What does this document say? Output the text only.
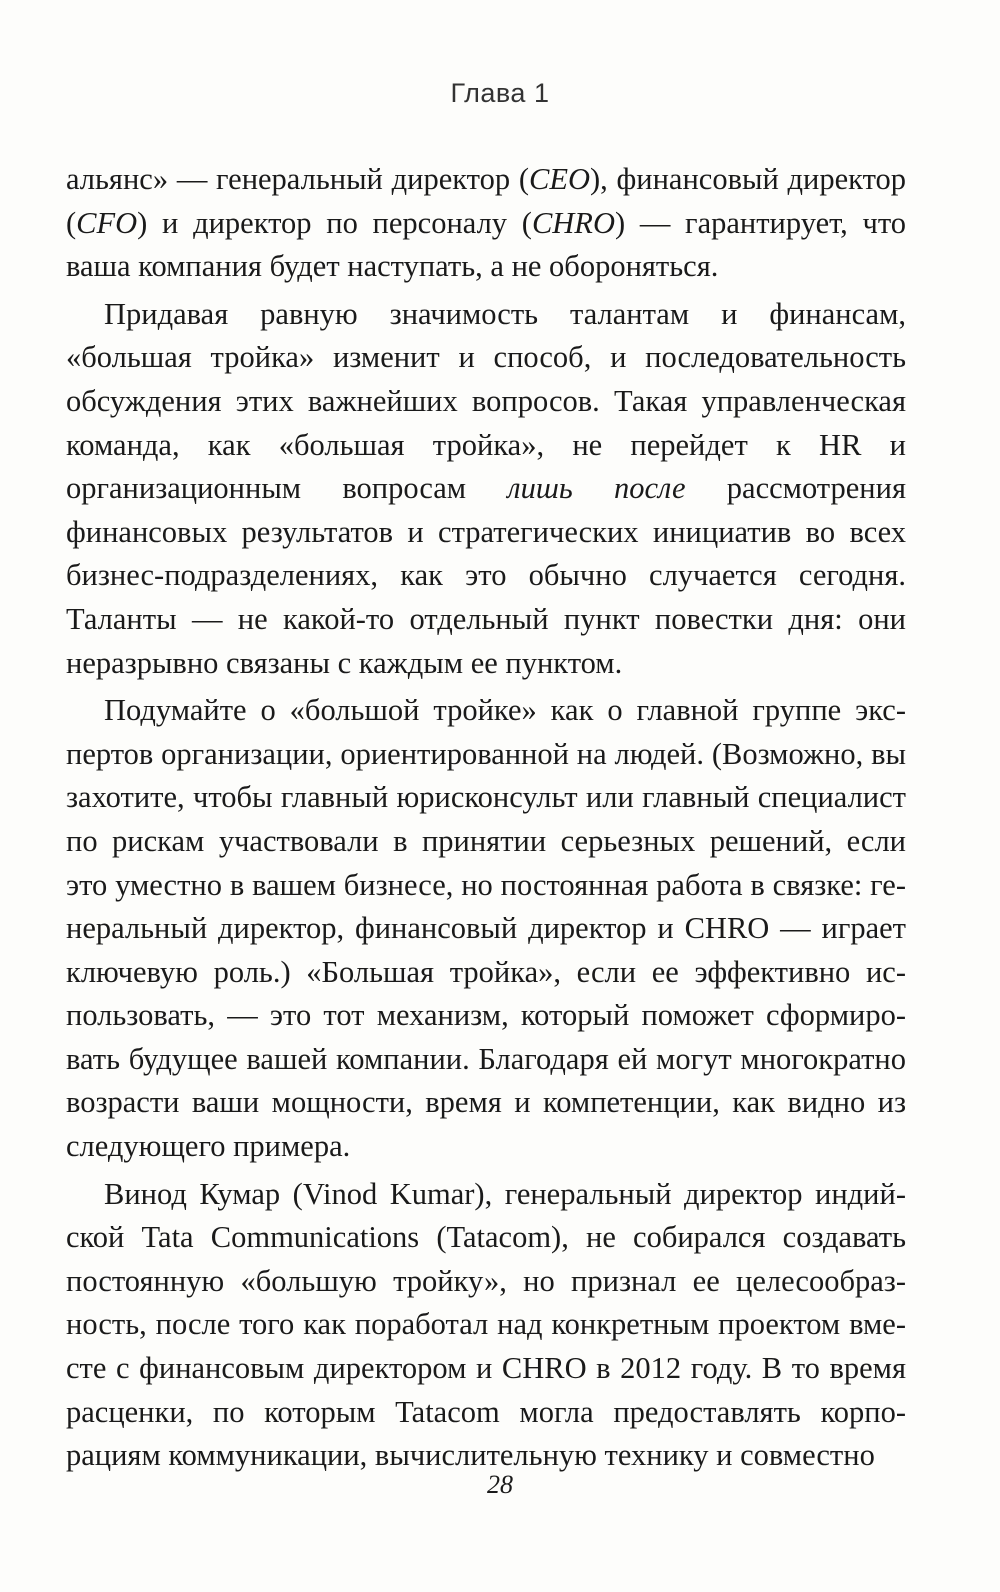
Глава 1

альянс» — генеральный директор (CEO), финансовый директор (CFO) и директор по персоналу (CHRO) — гарантирует, что ваша компания будет наступать, а не обороняться.

Придавая равную значимость талантам и финансам, «большая тройка» изменит и способ, и последовательность обсуждения этих важнейших вопросов. Такая управленческая команда, как «большая тройка», не перейдет к HR и организационным вопросам лишь после рассмотрения финансовых результатов и стратегических инициатив во всех бизнес-подразделениях, как это обычно случается сегодня. Таланты — не какой-то отдельный пункт повестки дня: они неразрывно связаны с каждым ее пунктом.

Подумайте о «большой тройке» как о главной группе экспертов организации, ориентированной на людей. (Возможно, вы захотите, чтобы главный юрисконсульт или главный специалист по рискам участвовали в принятии серьезных решений, если это уместно в вашем бизнесе, но постоянная работа в связке: генеральный директор, финансовый директор и CHRO — играет ключевую роль.) «Большая тройка», если ее эффективно использовать, — это тот механизм, который поможет сформировать будущее вашей компании. Благодаря ей могут многократно возрасти ваши мощности, время и компетенции, как видно из следующего примера.

Винод Кумар (Vinod Kumar), генеральный директор индийской Tata Communications (Tatacom), не собирался создавать постоянную «большую тройку», но признал ее целесообразность, после того как поработал над конкретным проектом вместе с финансовым директором и CHRO в 2012 году. В то время расценки, по которым Tatacom могла предоставлять корпорациям коммуникации, вычислительную технику и совместно

28
